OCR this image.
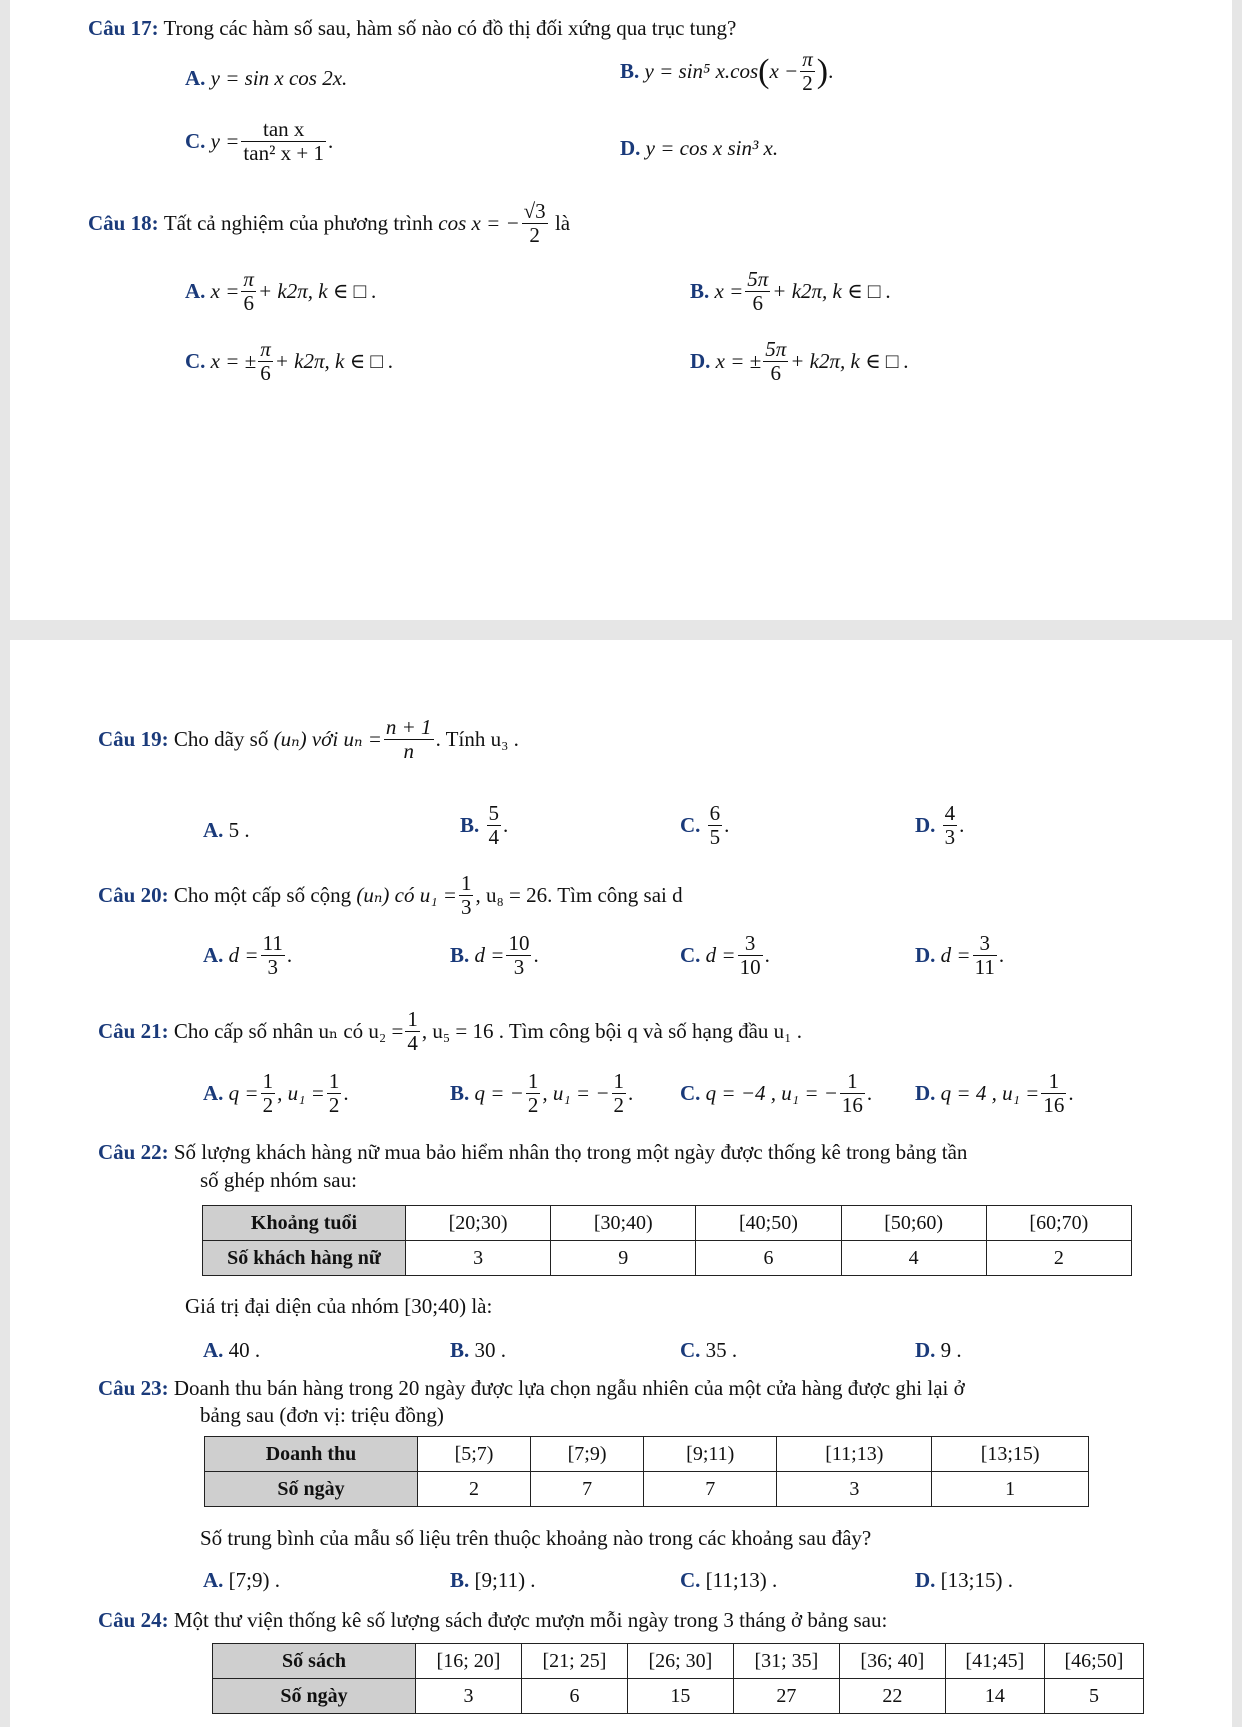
Câu 17: Trong các hàm số sau, hàm số nào có đồ thị đối xứng qua trục tung?
A. y = sin x cos 2x.	B.
y = sin⁵ x.cos ( $x - \frac{\pi}{2}$ ) .
C.
$y = \frac{\text{tan x}}{\text{tan² x + 1}}$ .	D. y = cos x sin³ x.
Câu 18:
Tất cả nghiệm của phương trình
cos x = − $\frac{√3}{2}$
là
A.
$x = \frac{\pi}{6} + k2\pi$, k ∈ □ .	B.
$x = \frac{5\pi}{6} + k2\pi$, k ∈ □ .
C.
x = ± $\frac{\pi}{6} + k2\pi$, k ∈ □ .	D.
x = ± $\frac{5\pi}{6} + k2\pi$, k ∈ □ .
Câu 19:
Cho dãy số
(uₙ)
với $u_n = \frac{n + 1}{n}$ . Tính u₃ .
A. 5 .	B.
$\frac{5}{4}$ .	C.
$\frac{6}{5}$ .	D.
$\frac{4}{3}$ .
Câu 20:
Cho một cấp số cộng
(uₙ)
có $u_1 = \frac{1}{3}$ , u₈ = 26. Tìm công sai d
A.
$d = \frac{11}{3}$ .	B.
$d = \frac{10}{3}$ .	C.
$d = \frac{3}{10}$ .	D.
$d = \frac{3}{11}$ .
Câu 21:
Cho cấp số nhân uₙ có $u_2 = \frac{1}{4}$ , u₅ = 16 . Tìm công bội q và số hạng đầu u₁ .
A.
$q = \frac{1}{2}$ , $u_1 = \frac{1}{2}$ .	B.
q = − $\frac{1}{2}$ , u₁ = − $\frac{1}{2}$ . C.
q = −4 , u₁ = − $\frac{1}{16}$ . D.
q = 4 , $u_1 = \frac{1}{16}$ .
Câu 22: Số lượng khách hàng nữ mua bảo hiểm nhân thọ trong một ngày được thống kê trong bảng tần
số ghép nhóm sau:
Khoảng tuổi	[20;30)	[30;40)	[40;50)	[50;60)	[60;70)
Số khách hàng nữ	3	9	6	4	2
Giá trị đại diện của nhóm [30;40) là:
A. 40 .	B. 30 .	C. 35 .	D. 9 .
Câu 23: Doanh thu bán hàng trong 20 ngày được lựa chọn ngẫu nhiên của một cửa hàng được ghi lại ở
bảng sau (đơn vị: triệu đồng)
Doanh thu	[5;7)	[7;9)	[9;11)	[11;13)	[13;15)
Số ngày	2	7	7	3	1
Số trung bình của mẫu số liệu trên thuộc khoảng nào trong các khoảng sau đây?
A. [7;9) .	B. [9;11) .	C. [11;13) .	D. [13;15) .
Câu 24: Một thư viện thống kê số lượng sách được mượn mỗi ngày trong 3 tháng ở bảng sau:
Số sách	[16; 20]	[21; 25]	[26; 30]	[31; 35]	[36; 40]	[41;45]	[46;50]
Số ngày	3	6	15	27	22	14	5
